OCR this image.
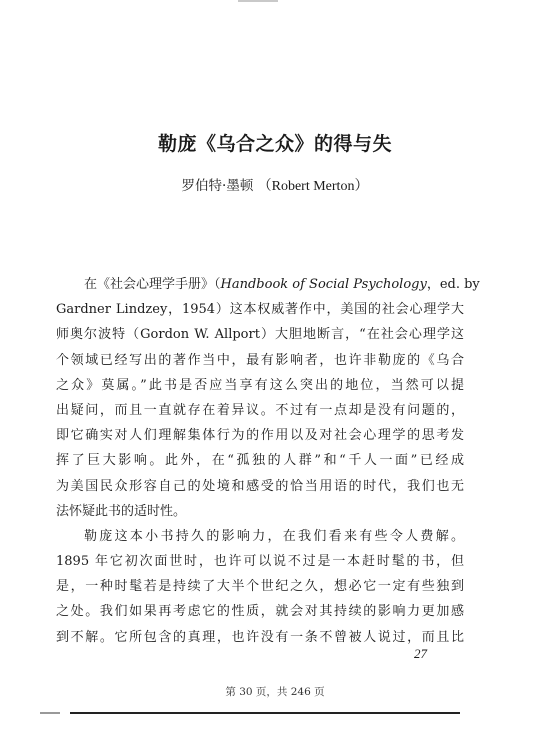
勒庞《乌合之众》的得与失
罗伯特·墨顿 （Robert Merton）
在《社会心理学手册》（Handbook of Social Psychology，ed. by
Gardner Lindzey，1954）这本权威著作中，美国的社会心理学大
师奥尔波特（Gordon W. Allport）大胆地断言，“在社会心理学这
个领域已经写出的著作当中，最有影响者，也许非勒庞的《乌合
之众》莫属。”此书是否应当享有这么突出的地位，当然可以提
出疑问，而且一直就存在着异议。不过有一点却是没有问题的，
即它确实对人们理解集体行为的作用以及对社会心理学的思考发
挥了巨大影响。此外，在“孤独的人群”和“千人一面”已经成
为美国民众形容自己的处境和感受的恰当用语的时代，我们也无
法怀疑此书的适时性。
勒庞这本小书持久的影响力，在我们看来有些令人费解。
1895 年它初次面世时，也许可以说不过是一本赶时髦的书，但
是，一种时髦若是持续了大半个世纪之久，想必它一定有些独到
之处。我们如果再考虑它的性质，就会对其持续的影响力更加感
到不解。它所包含的真理，也许没有一条不曾被人说过，而且比
27
第 30 页，共 246 页
